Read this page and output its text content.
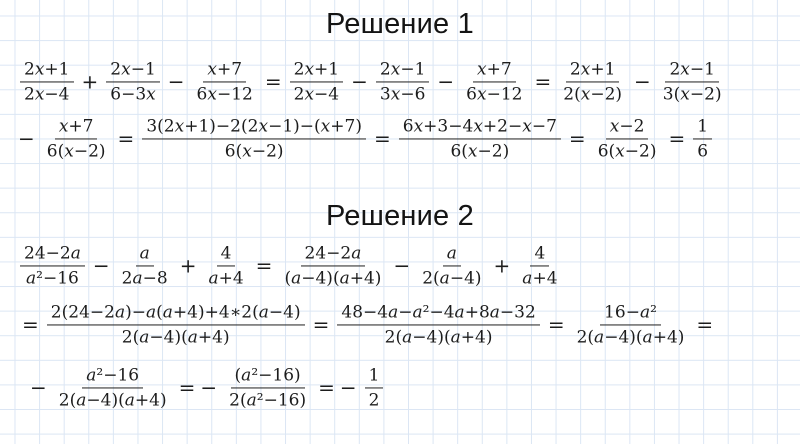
Решение 1
$\frac{2x+1}{2x-4} + \frac{2x-1}{6-3x} - \frac{x+7}{6x-12} = \frac{2x+1}{2x-4} - \frac{2x-1}{3x-6} - \frac{x+7}{6x-12} = \frac{2x+1}{2(x-2)} - \frac{2x-1}{3(x-2)}$
− $\frac{x+7}{6(x-2)} = \frac{3(2x+1)-2(2x-1)-(x+7)}{6(x-2)} = \frac{6x+3-4x+2-x-7}{6(x-2)} = \frac{x-2}{6(x-2)} = \frac{1}{6}$
Решение 2
$\frac{24-2a}{\text{a²−16}} - \frac{a}{2a-8} + \frac{4}{a+4} = \frac{24-2a}{(a-4)(a+4)} - \frac{a}{2(a-4)} + \frac{4}{a+4}$
= $\frac{2(24-2a)-a(a+4)+4∗2(a-4)}{2(a-4)(a+4)} = \frac{\text{48−4a−a²−4a+8a−32}}{2(a-4)(a+4)} = \frac{\text{16−a²}}{2(a-4)(a+4)}$ =
− $\frac{\text{a²−16}}{2(a-4)(a+4)}$ = − $\frac{\text{(a²−16)}}{\text{2(a²−16)}}$ = − $\frac{1}{2}$
